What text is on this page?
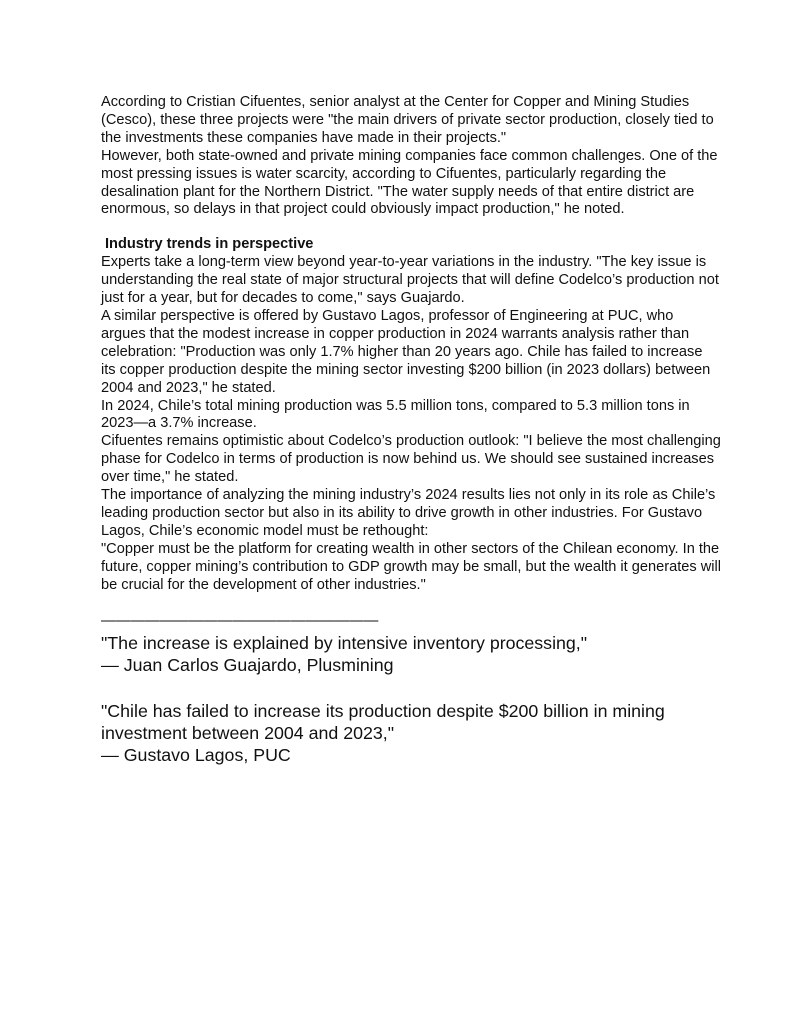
According to Cristian Cifuentes, senior analyst at the Center for Copper and Mining Studies (Cesco), these three projects were "the main drivers of private sector production, closely tied to the investments these companies have made in their projects."

However, both state-owned and private mining companies face common challenges. One of the most pressing issues is water scarcity, according to Cifuentes, particularly regarding the desalination plant for the Northern District. "The water supply needs of that entire district are enormous, so delays in that project could obviously impact production," he noted.

Industry trends in perspective

Experts take a long-term view beyond year-to-year variations in the industry. "The key issue is understanding the real state of major structural projects that will define Codelco’s production not just for a year, but for decades to come," says Guajardo.

A similar perspective is offered by Gustavo Lagos, professor of Engineering at PUC, who argues that the modest increase in copper production in 2024 warrants analysis rather than celebration: "Production was only 1.7% higher than 20 years ago. Chile has failed to increase its copper production despite the mining sector investing $200 billion (in 2023 dollars) between 2004 and 2023," he stated.

In 2024, Chile’s total mining production was 5.5 million tons, compared to 5.3 million tons in 2023—a 3.7% increase.

Cifuentes remains optimistic about Codelco’s production outlook: "I believe the most challenging phase for Codelco in terms of production is now behind us. We should see sustained increases over time," he stated.

The importance of analyzing the mining industry’s 2024 results lies not only in its role as Chile’s leading production sector but also in its ability to drive growth in other industries. For Gustavo Lagos, Chile’s economic model must be rethought:

"Copper must be the platform for creating wealth in other sectors of the Chilean economy. In the future, copper mining’s contribution to GDP growth may be small, but the wealth it generates will be crucial for the development of other industries."

———————————————————

"The increase is explained by intensive inventory processing,"

— Juan Carlos Guajardo, Plusmining

"Chile has failed to increase its production despite $200 billion in mining investment between 2004 and 2023,"

— Gustavo Lagos, PUC
